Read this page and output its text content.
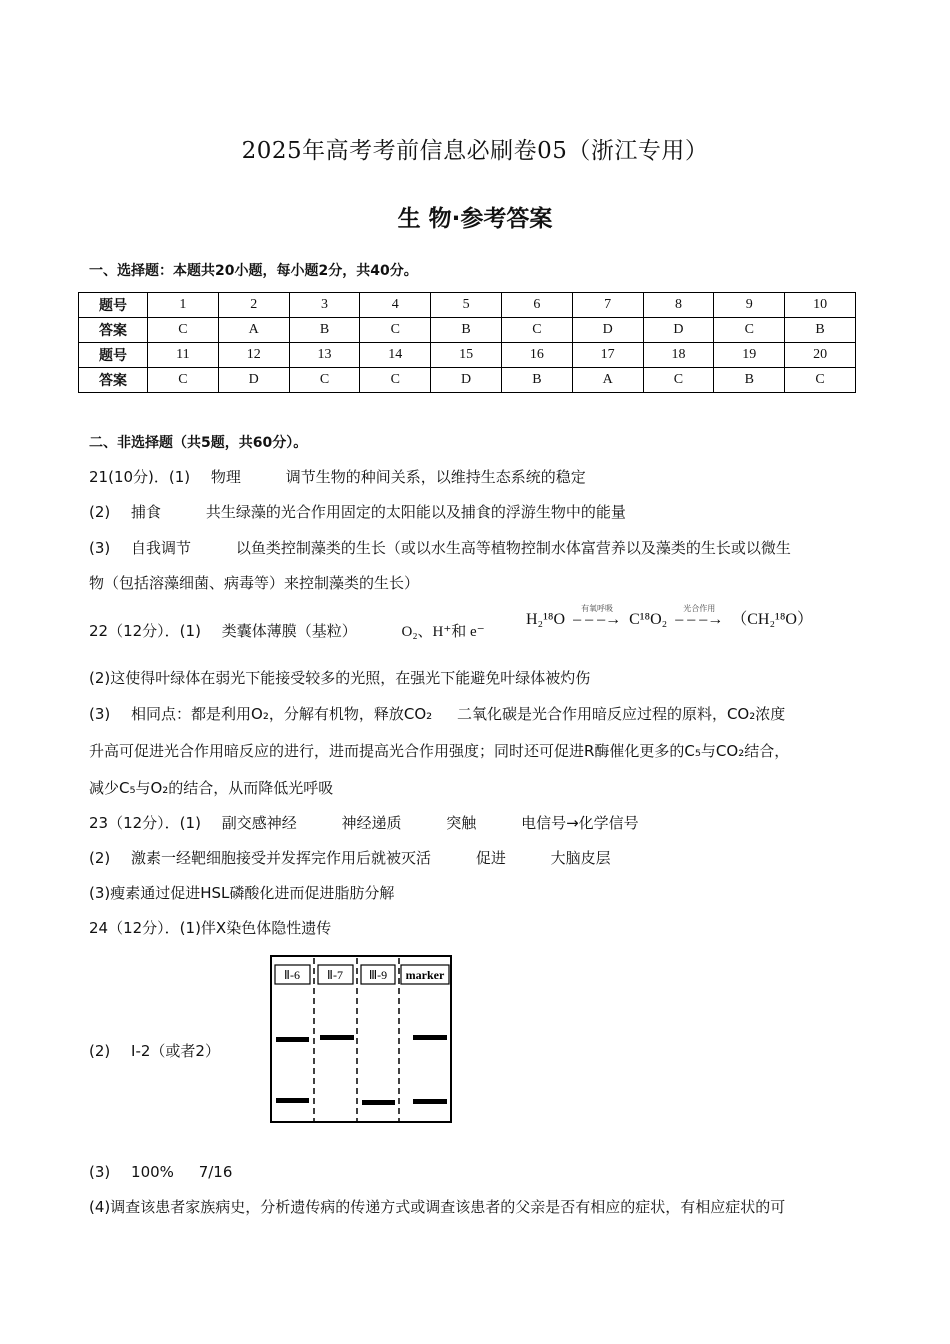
2025年高考考前信息必刷卷05（浙江专用）
生 物·参考答案
一、选择题：本题共20小题，每小题2分，共40分。
题号	1	2	3	4	5	6	7	8	9	10
答案	C	A	B	C	B	C	D	D	C	B
题号	11	12	13	14	15	16	17	18	19	20
答案	C	D	C	C	D	B	A	C	B	C
二、非选择题（共5题，共60分）。
21(10分)．(1) 物理	调节生物的种间关系，以维持生态系统的稳定
(2) 捕食	共生绿藻的光合作用固定的太阳能以及捕食的浮游生物中的能量
(3) 自我调节	以鱼类控制藻类的生长（或以水生高等植物控制水体富营养以及藻类的生长或以微生
物（包括溶藻细菌、病毒等）来控制藻类的生长）
22（12分）．(1) 类囊体薄膜（基粒）	O₂、H⁺和 e⁻
H₂¹⁸O
有氧呼吸
– – –→ C¹⁸O₂
光合作用
– – –→ （CH₂¹⁸O）
(2)这使得叶绿体在弱光下能接受较多的光照，在强光下能避免叶绿体被灼伤
(3) 相同点：都是利用O₂，分解有机物，释放CO₂ 二氧化碳是光合作用暗反应过程的原料，CO₂浓度
升高可促进光合作用暗反应的进行，进而提高光合作用强度；同时还可促进R酶催化更多的C₅与CO₂结合，
减少C₅与O₂的结合，从而降低光呼吸
23（12分）．(1) 副交感神经	神经递质	突触	电信号→化学信号
(2) 激素一经靶细胞接受并发挥完作用后就被灭活	促进	大脑皮层
(3)瘦素通过促进HSL磷酸化进而促进脂肪分解
24（12分）．(1)伴X染色体隐性遗传
Ⅱ-6 Ⅱ-7 Ⅲ-9 marker
(2) I-2（或者2）
(3) 100% 7/16
(4)调查该患者家族病史，分析遗传病的传递方式或调查该患者的父亲是否有相应的症状，有相应症状的可
